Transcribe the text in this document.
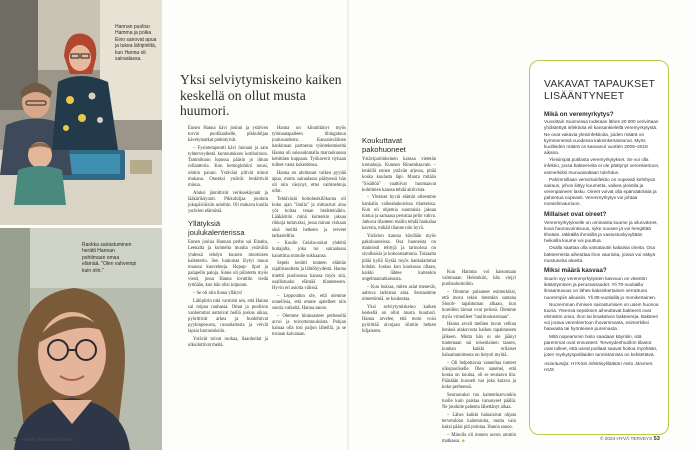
Hannan puoliso Hamma ja poika Eino sanovat apua ja tukea lähipiiriltä, kun Hanna oli sairaalassa.
Rankka sairastuminen herätti Hannan pohtimaan omaa elämää. "Olen vahvempi kuin olin."
Yksi selviytymiskeino kaiken keskellä on ollut musta huumori.

Ennen Hanna kävi joulun ja ystävien turvin poolikauhelle, pikkuhiljaa kävelymatkat pidentyivät.

– Fysioterapeutti kävi luonani ja sain tyhterveydestä kuntoutuksen kotihoitoon. Tammikuun lopussa pääsin jo ilman rollaattoria. Kun hemoglobiini nousi, olokin parani. Ystäväni pitivät minut mukana. Onneksi ystävät lenkittivät minua.

Aluksi jännittivät verikoekäynnit ja lääkärikäynnit. Pikkuhiljaa jouduin jokapäiväisiin asioihin. Oli mukava kuulla ystävien elämästä.

Yllätyksiä joulukalenterissa

Ennen joulua Hannan perhe sai Elnalta, Leenalta ja kolmelta muulta ystävältä yhdessä tehdyn kuusen muotoisen kalenterin. Sen luukuista löytyi muun muassa konvehteja. Hopop- lipat ja palapelin paloja. Sinne oli piilotettu myös viesti, jossa Hanna lovattiin viedä tyttöään, kun hän olisi toipunut.

– Se oli niin ihana yllätys!

Lähipiirin tuki varmisti sen, että Hanna sai toipua rauhassa. Omat ja puolison vanhemmat auttoivat heillä joskus aikaa, pyörittivät arkea ja huolehtivat pyykinpesusta, ruoanlaitosta ja veivät lapsia harrastuksiin.

Ystävät toivat ruokaa, ilaanhoitat ja ulkoiluttivat meitä.

Hanna on kiinnittänyt myös työmaatapaileen tihingaluun joulusuudesta. Kansainvälinen hankinnan partneraa työntekemiseltä Hanna oli saisuudomalla marraskuussa kehittäen kuppaan. Työkaverit tiyhaan tulleet vasta kokeidensa.

Hanna on aloittanut valkea pyytää apua, mutta sairaalassa päätyessä hän oli niin väsynyt, ettei vaihtoehtoja ollut.

Tehtävästä hoitohenkilökunta oli koko ajan "ihulla" ja mittasivat aina yöt hoitaa tenan herätteinäkin. Lääkäritön minä kuitenkin jaksaa rikkoja tuttavaksi, jossa minun viskaan sinä meiltä hetkeen ja terveet tarkasteltiin.

– Kuulin Geisha-sukat yhdeltä hoitajalta, joka toi sairaalassa kaiuttima minulle sukkaansa.

Sepels herätti tunteen elämän rajallisuudesta ja lähtöhyydestä. Hanna miettii puolisonsa kanssa myös sitä, osallistuako elämää tilanteeseen. Hyvin eri asioita välissä.

– Leppoudun ole, että olemme onnellisia, että emme ajatelleet niin suuria vaikeitä, Hanna sanoo.

– Olemme hiransasteet perhesellä arvoi ja toivottomuuksista. Pohjan haluaa olla tosi paljon läheillä, ja se tosiaan kaivataan.

Koukuttavat pakohuoneet

Ystävipariinkeinen kanssa vietetän iremahoja. Kunnen Rinsenhaavain – lenkillä ennen ystävän arjessa, pitää koska kuulasta läpi. Muuta mitään "Sisältöä" vaattiivat huomaavat kohtimien kanssa tehdä aktiivista.

– Yhteiset hyvät elämät olleemme hankalia vaikeahakoisissa tilanteissa. Kun oli ohjemia suuntaisia jaksaa tuntua ja samaasa perustaa pelin vahva. Jatkuva tilanteen mallin tehdä hankalaa kaveria, mikäli tilanne niin hyvä.

Ystävien kanssa käydään myös pakohuoneissa. Osa huoneista on mainiosti tehtyjä ja tarinoissa on sivulhaisia ja kokoonsattunia. Toisaalta pitää kyllä löytää myös hankalammat kohdat. Joskus kun koukussa ollaan, kaikki lähtee kuitenkin ongelmanratkaisusta.

– Kun hukssa, miten asiat menevät, aaltova tarkistaa aina. Seuraamme nimettömiä, se koukuttaa.

Yksi selviytymiskeino kaiken keskellä on ollut musta huumori. Hanna arvelee, että moni voisi pyörittää aivojaan silmiin hetken hiljaiseen.

Kun Hamma voi katsomaan valmiuaan Helsinkiin, hän viejyi puolisohoitoihin.

– Olemme puhuneet esimerkiksi, että mova tekisi tietenkin santana Shoob- tapahtuman alkaan, kun horeillen hinnat ovat pelissä. Olemme myös virneilleet "tanilruoksiesiaan".

Hanna arveli meihen luvun velkua henkeä alakuvosta kaiken tapahtuneen jälkeen. Mutta hän oi ole jäänyt tuntemaan sai toisenlainen taasen, kunhan kaikki erilaiset haluamatoimesta on tietysti myötä.

– Oli helpottavaa vanneltaa tunteet ulkopuoliselle. Olen aanehei, että koska on kuulua, oli se seuraava tila. Päästään kursseit tuo joka kutava ja koko perheessä.

Seuraavaksi tuo kaitentinarvonkin tuolle kuin paistaa vanunyeet päällä. Ne jouduite pahenta lähettänyt aikaa.

– Lähes kaikki haluaisivat ohjata tervetuloon kaitetointia, mutta vain kaksi pääsi piti pointaa. Hanna sanoo.

– Minulla oli monen asvon ommin matkassa. ◆

VAKAVAT TAPAUKSET LISÄÄNTYNEET
Mikä on veremyrkytys?

Vuosittain Suomessa todetaan lähes 20 000 verivirtaan yhdistettyä infektiota eli kansankielellä veremyrkytystä. Ne ovat vakavia yleisinfektioita, joiden määrä on kymmenessä vuodessa kaksinkertaistunut. Myös kuolleiden määrä on kasvanut vuotten 2006–2018 aikana.

Yleisimpiä potilasta veremyrkytykset. Se voi olla infektio, jossa bakteereita ei ole päätynyt verenkiertoon, esimerkiksi munuaisaltaan tulehdus.

Pahimmillaan verivirtainfektio on nopeasti kehittyvä sairaus, johon liittyy kuumetta, vaikea yleistila ja verenpaineen lasku. Oireet voivat olla epämääräisiä ja pahentua nopeasti. Verenmyrkytys voi johtaa monielinvaurioon.

Millaiset ovat oireet?

Verenmyrkytykselle on ominaista kuume ja vilunväreet, kova huonovointisuus, syke nousee ja voi hengittää tiheään. Iäkkäillä ihmisillä ja vastustuskyvyltään heikoilla kuume voi puuttua.

Osalla saattaa olla vatsatautin kaltaisia oireita. Osa bakteereista aiheuttaa ihon vaurioita, joissa voi näkyä mustuneita alueita.

Miksi määrä kasvaa?

Suurin syy verenmyrkytysten kasvuun on väestön ikääntyminen ja perussairaudet. Yli 70-vuotiailla ilmaantuvuus on lähes kaksinkertainen verrattuna nuorempiin aikuisiin. Yli 80-vuotiailla jo monikertainen.

Nuoremman ihmisen sairastumisen on usein huonoa tuuria. Yleensä sepsiksen aiheuttavat bakteerit ovat elimistön omia, ihon tai limakalvon bakteereja. Bakteeri voi joutua verenkiertoon ihovammasta, esimerkiksi haavasta tai hyönteisen puremasta.

Mitä nopeammin hoito saadaan käyntiin, sitä paremmat ovat ennusteet. Terveydenhuollon tilastot ovat tulleet, että useat potilaat saavat hoitoa myöhään, joten myrkytyspotilaiden tunnistamista on kehitettävä.

Asiantuntija: HYKSin infektioylilääkäri Asko Järvinen, HUS

52 HYVÄ TERVEYS 3/2024	© 2024 HYVÄ TERVEYS 53
